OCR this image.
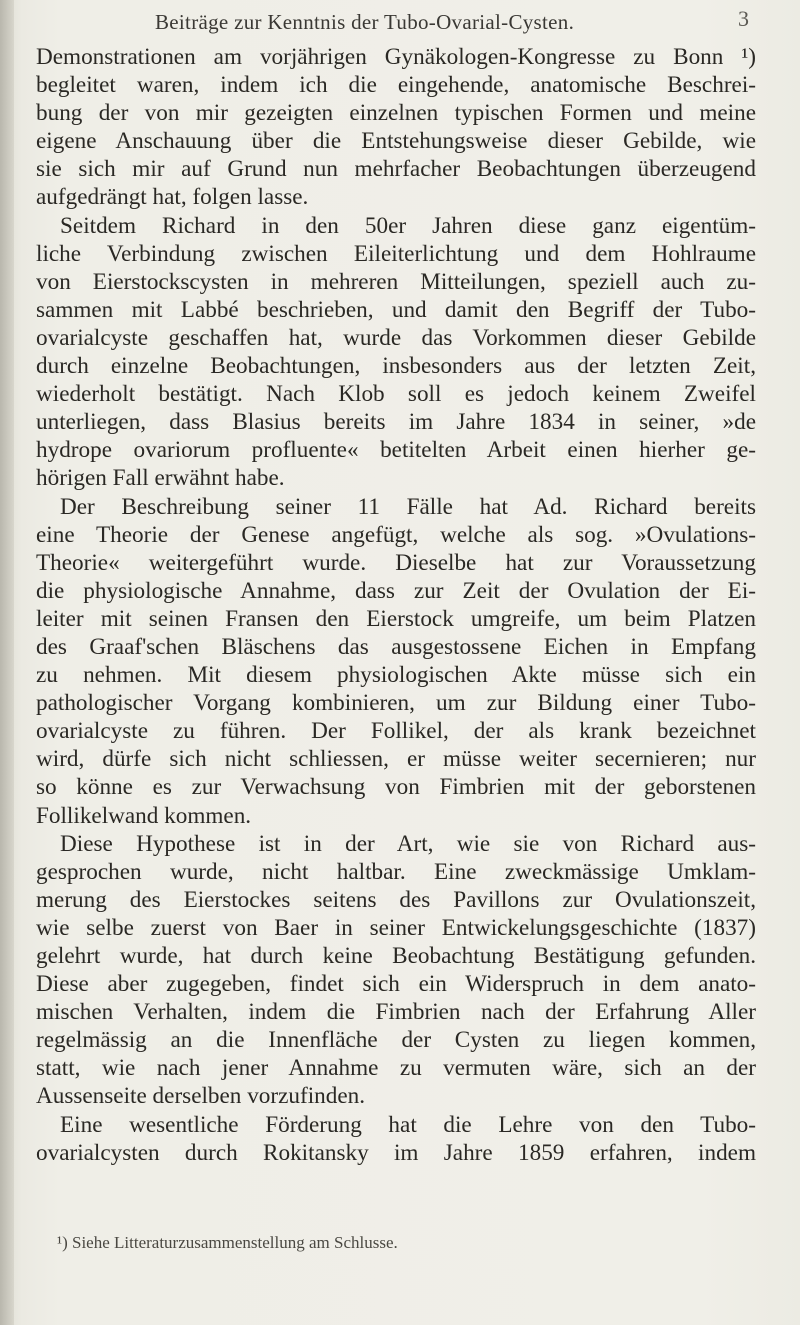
Beiträge zur Kenntnis der Tubo-Ovarial-Cysten.	3
Demonstrationen am vorjährigen Gynäkologen-Kongresse zu Bonn ¹)
begleitet waren, indem ich die eingehende, anatomische Beschrei-
bung der von mir gezeigten einzelnen typischen Formen und meine
eigene Anschauung über die Entstehungsweise dieser Gebilde, wie
sie sich mir auf Grund nun mehrfacher Beobachtungen überzeugend
aufgedrängt hat, folgen lasse.
Seitdem Richard in den 50er Jahren diese ganz eigentüm-
liche Verbindung zwischen Eileiterlichtung und dem Hohlraume
von Eierstockscysten in mehreren Mitteilungen, speziell auch zu-
sammen mit Labbé beschrieben, und damit den Begriff der Tubo-
ovarialcyste geschaffen hat, wurde das Vorkommen dieser Gebilde
durch einzelne Beobachtungen, insbesonders aus der letzten Zeit,
wiederholt bestätigt. Nach Klob soll es jedoch keinem Zweifel
unterliegen, dass Blasius bereits im Jahre 1834 in seiner, »de
hydrope ovariorum profluente« betitelten Arbeit einen hierher ge-
hörigen Fall erwähnt habe.
Der Beschreibung seiner 11 Fälle hat Ad. Richard bereits
eine Theorie der Genese angefügt, welche als sog. »Ovulations-
Theorie« weitergeführt wurde. Dieselbe hat zur Voraussetzung
die physiologische Annahme, dass zur Zeit der Ovulation der Ei-
leiter mit seinen Fransen den Eierstock umgreife, um beim Platzen
des Graaf'schen Bläschens das ausgestossene Eichen in Empfang
zu nehmen. Mit diesem physiologischen Akte müsse sich ein
pathologischer Vorgang kombinieren, um zur Bildung einer Tubo-
ovarialcyste zu führen. Der Follikel, der als krank bezeichnet
wird, dürfe sich nicht schliessen, er müsse weiter secernieren; nur
so könne es zur Verwachsung von Fimbrien mit der geborstenen
Follikelwand kommen.
Diese Hypothese ist in der Art, wie sie von Richard aus-
gesprochen wurde, nicht haltbar. Eine zweckmässige Umklam-
merung des Eierstockes seitens des Pavillons zur Ovulationszeit,
wie selbe zuerst von Baer in seiner Entwickelungsgeschichte (1837)
gelehrt wurde, hat durch keine Beobachtung Bestätigung gefunden.
Diese aber zugegeben, findet sich ein Widerspruch in dem anato-
mischen Verhalten, indem die Fimbrien nach der Erfahrung Aller
regelmässig an die Innenfläche der Cysten zu liegen kommen,
statt, wie nach jener Annahme zu vermuten wäre, sich an der
Aussenseite derselben vorzufinden.
Eine wesentliche Förderung hat die Lehre von den Tubo-
ovarialcysten durch Rokitansky im Jahre 1859 erfahren, indem
¹) Siehe Litteraturzusammenstellung am Schlusse.
